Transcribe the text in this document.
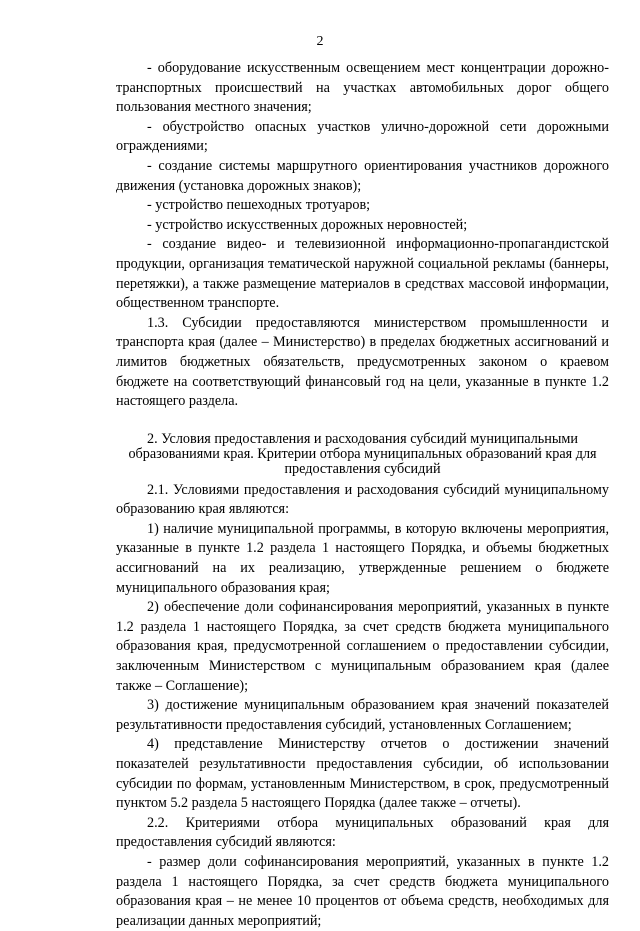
2

- оборудование искусственным освещением мест концентрации дорожно-транспортных происшествий на участках автомобильных дорог общего пользования местного значения;

- обустройство опасных участков улично-дорожной сети дорожными ограждениями;

- создание системы маршрутного ориентирования участников дорожного движения (установка дорожных знаков);

- устройство пешеходных тротуаров;

- устройство искусственных дорожных неровностей;

- создание видео- и телевизионной информационно-пропагандистской продукции, организация тематической наружной социальной рекламы (баннеры, перетяжки), а также размещение материалов в средствах массовой информации, общественном транспорте.

1.3. Субсидии предоставляются министерством промышленности и транспорта края (далее – Министерство) в пределах бюджетных ассигнований и лимитов бюджетных обязательств, предусмотренных законом о краевом бюджете на соответствующий финансовый год на цели, указанные в пункте 1.2 настоящего раздела.

2. Условия предоставления и расходования субсидий муниципальными образованиями края. Критерии отбора муниципальных образований края для предоставления субсидий

2.1. Условиями предоставления и расходования субсидий муниципальному образованию края являются:

1) наличие муниципальной программы, в которую включены мероприятия, указанные в пункте 1.2 раздела 1 настоящего Порядка, и объемы бюджетных ассигнований на их реализацию, утвержденные решением о бюджете муниципального образования края;

2) обеспечение доли софинансирования мероприятий, указанных в пункте 1.2 раздела 1 настоящего Порядка, за счет средств бюджета муниципального образования края, предусмотренной соглашением о предоставлении субсидии, заключенным Министерством с муниципальным образованием края (далее также – Соглашение);

3) достижение муниципальным образованием края значений показателей результативности предоставления субсидий, установленных Соглашением;

4) представление Министерству отчетов о достижении значений показателей результативности предоставления субсидии, об использовании субсидии по формам, установленным Министерством, в срок, предусмотренный пунктом 5.2 раздела 5 настоящего Порядка (далее также – отчеты).

2.2. Критериями отбора муниципальных образований края для предоставления субсидий являются:

- размер доли софинансирования мероприятий, указанных в пункте 1.2 раздела 1 настоящего Порядка, за счет средств бюджета муниципального образования края – не менее 10 процентов от объема средств, необходимых для реализации данных мероприятий;
